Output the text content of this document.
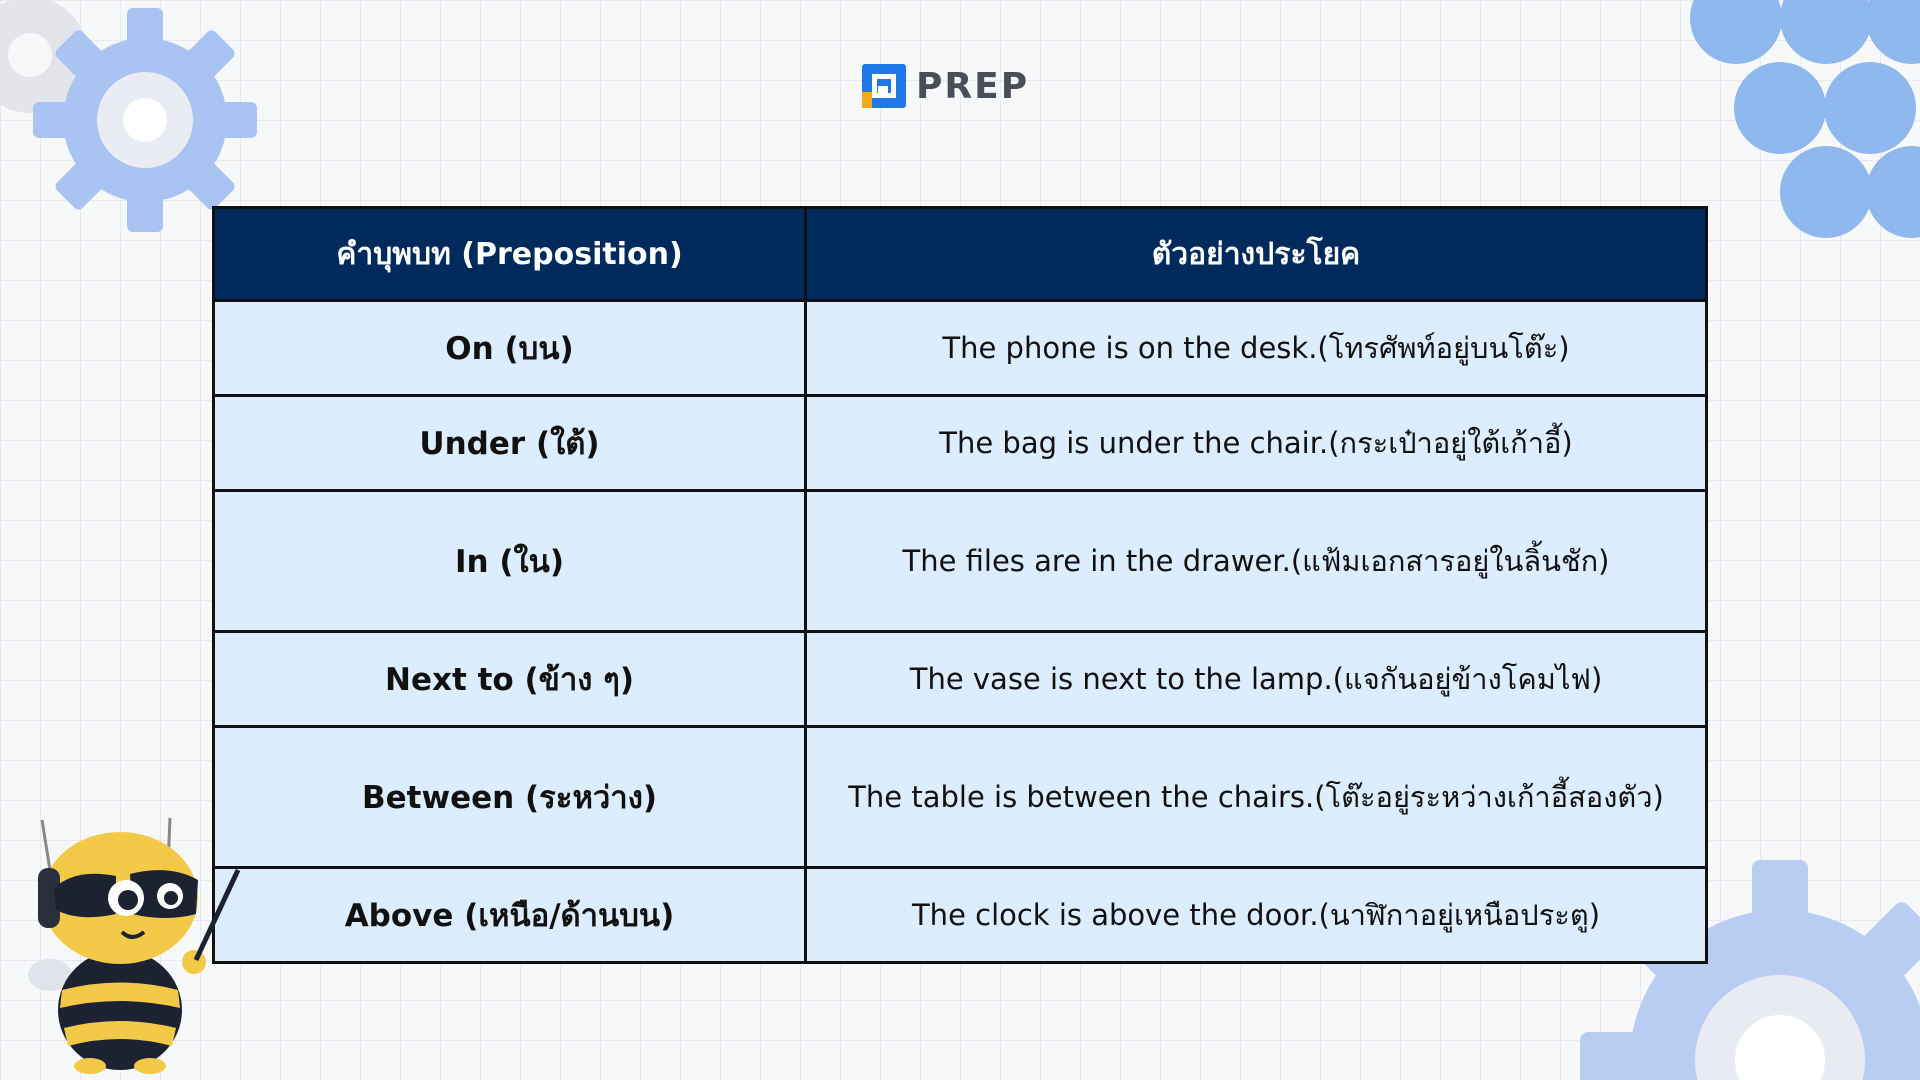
PREP
คำบุพบท (Preposition)	ตัวอย่างประโยค
On (บน)	The phone is on the desk.(โทรศัพท์อยู่บนโต๊ะ)
Under (ใต้)	The bag is under the chair.(กระเป๋าอยู่ใต้เก้าอี้)
In (ใน)	The files are in the drawer.(แฟ้มเอกสารอยู่ในลิ้นชัก)
Next to (ข้าง ๆ)	The vase is next to the lamp.(แจกันอยู่ข้างโคมไฟ)
Between (ระหว่าง)	The table is between the chairs.(โต๊ะอยู่ระหว่างเก้าอี้สองตัว)
Above (เหนือ/ด้านบน)	The clock is above the door.(นาฬิกาอยู่เหนือประตู)
